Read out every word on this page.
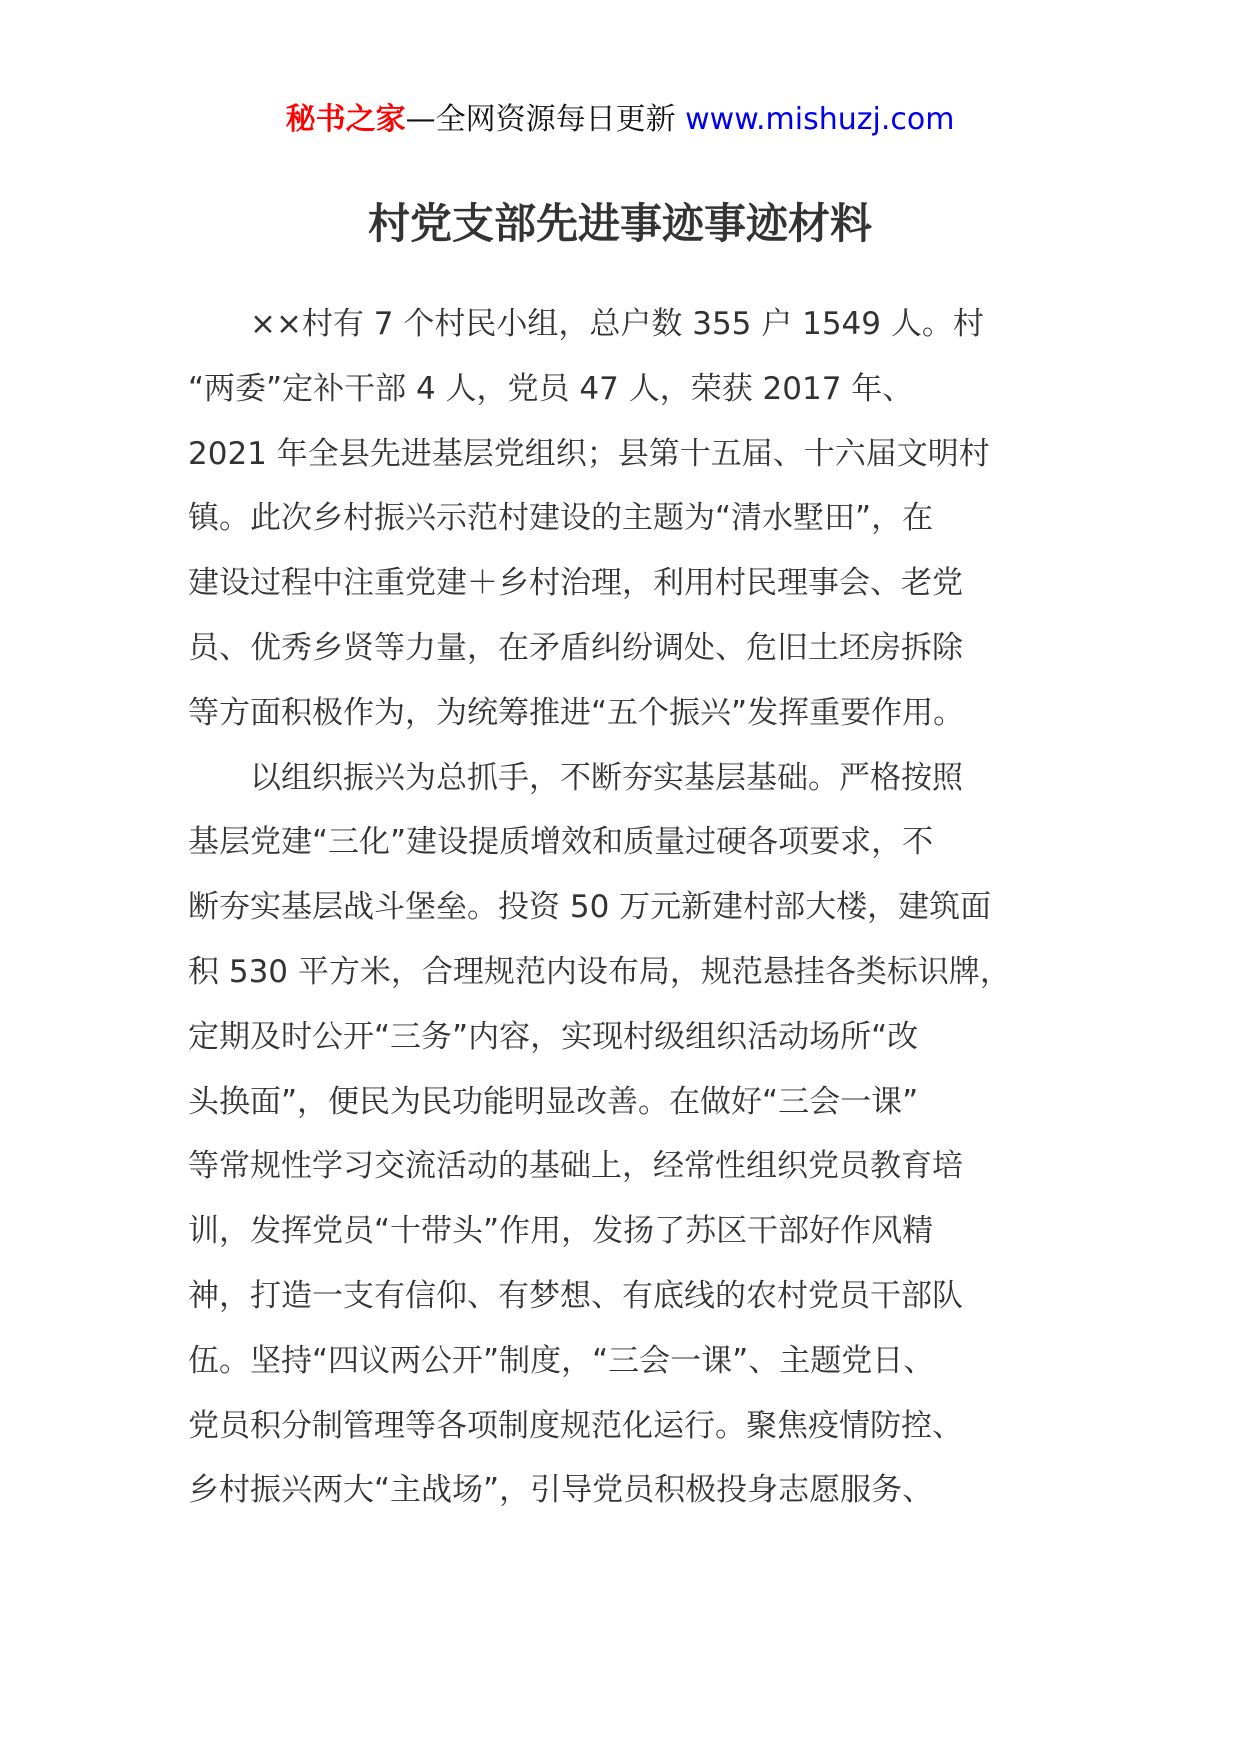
秘书之家—全网资源每日更新 www.mishuzj.com
村党支部先进事迹事迹材料

××村有 7 个村民小组，总户数 355 户 1549 人。村
“两委”定补干部 4 人，党员 47 人，荣获 2017 年、
2021 年全县先进基层党组织；县第十五届、十六届文明村
镇。此次乡村振兴示范村建设的主题为“清水墅田”，在
建设过程中注重党建＋乡村治理，利用村民理事会、老党
员、优秀乡贤等力量，在矛盾纠纷调处、危旧土坯房拆除
等方面积极作为，为统筹推进“五个振兴”发挥重要作用。

以组织振兴为总抓手，不断夯实基层基础。严格按照
基层党建“三化”建设提质增效和质量过硬各项要求，不
断夯实基层战斗堡垒。投资 50 万元新建村部大楼，建筑面
积 530 平方米，合理规范内设布局，规范悬挂各类标识牌，
定期及时公开“三务”内容，实现村级组织活动场所“改
头换面”，便民为民功能明显改善。在做好“三会一课”
等常规性学习交流活动的基础上，经常性组织党员教育培
训，发挥党员“十带头”作用，发扬了苏区干部好作风精
神，打造一支有信仰、有梦想、有底线的农村党员干部队
伍。坚持“四议两公开”制度，“三会一课”、主题党日、
党员积分制管理等各项制度规范化运行。聚焦疫情防控、
乡村振兴两大“主战场”，引导党员积极投身志愿服务、
